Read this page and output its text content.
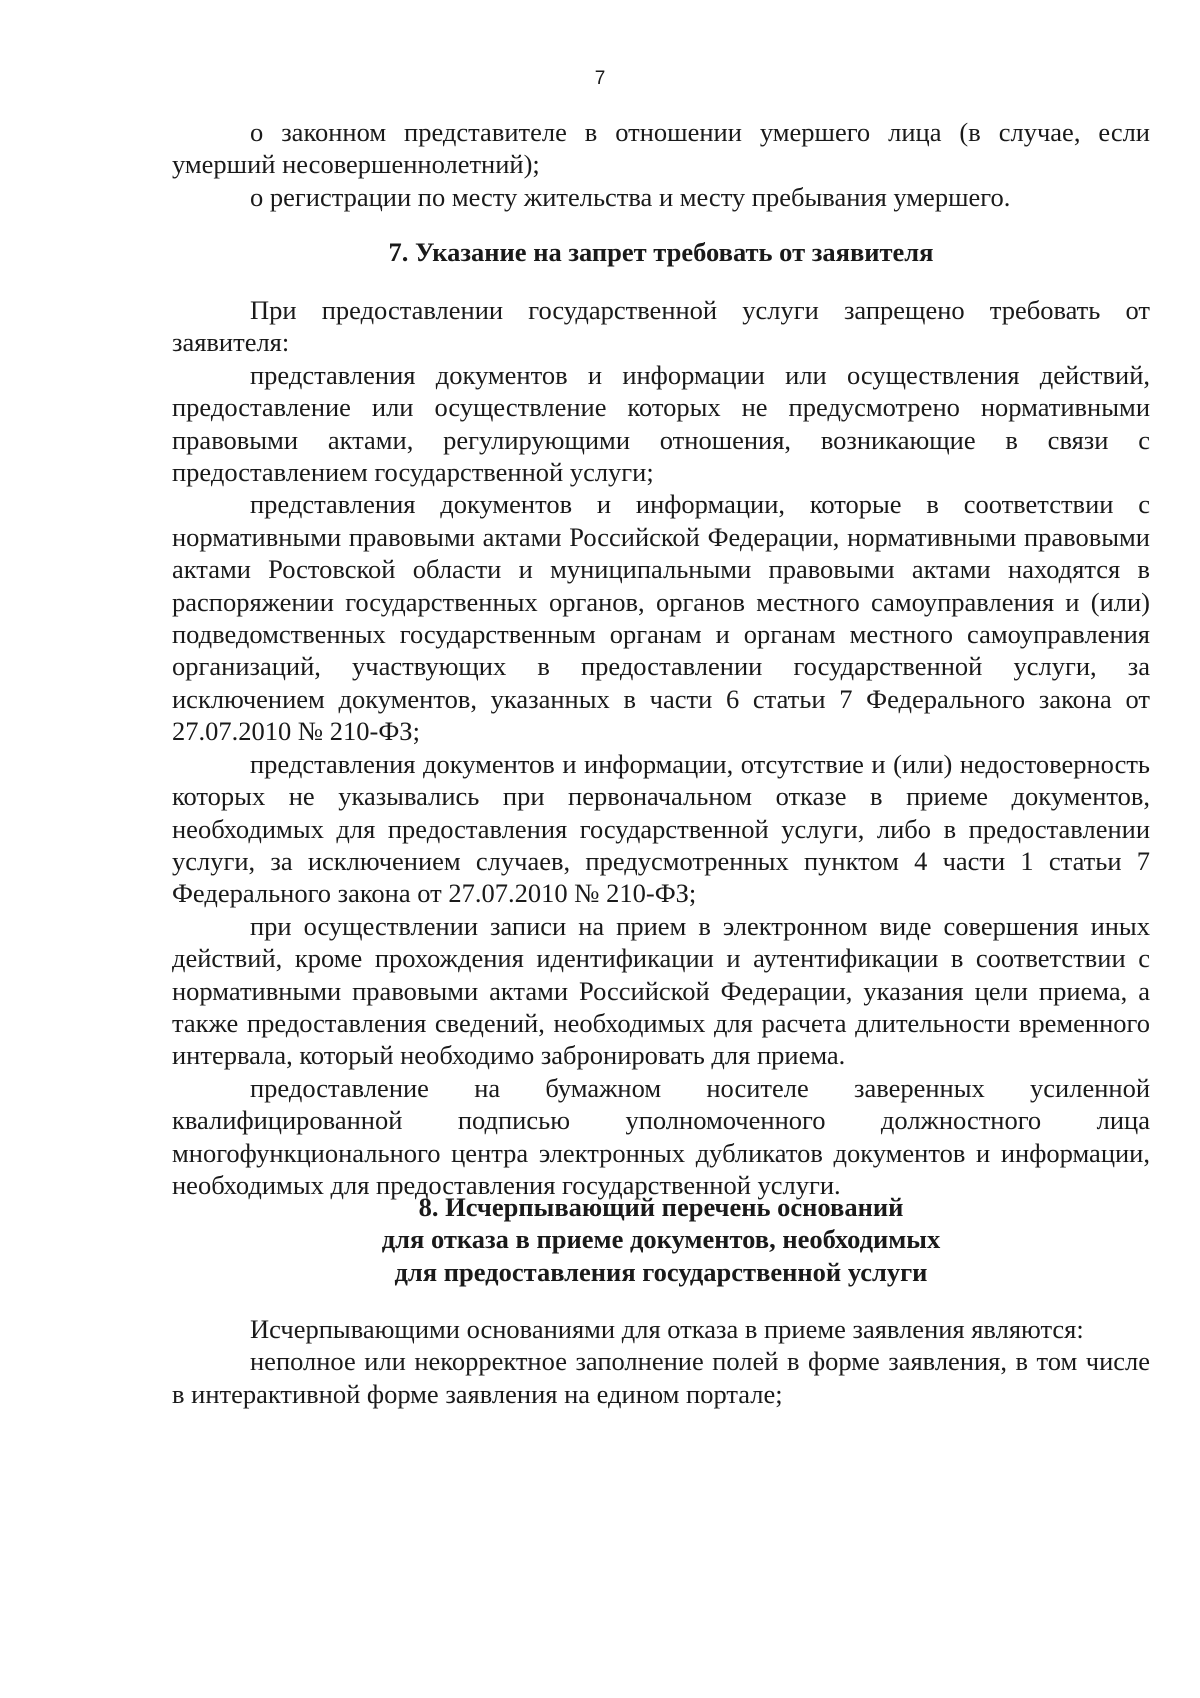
7

о законном представителе в отношении умершего лица (в случае, если умерший несовершеннолетний);

о регистрации по месту жительства и месту пребывания умершего.

7. Указание на запрет требовать от заявителя

При предоставлении государственной услуги запрещено требовать от заявителя:

представления документов и информации или осуществления действий, предоставление или осуществление которых не предусмотрено нормативными правовыми актами, регулирующими отношения, возникающие в связи с предоставлением государственной услуги;

представления документов и информации, которые в соответствии с нормативными правовыми актами Российской Федерации, нормативными правовыми актами Ростовской области и муниципальными правовыми актами находятся в распоряжении государственных органов, органов местного самоуправления и (или) подведомственных государственным органам и органам местного самоуправления организаций, участвующих в предоставлении государственной услуги, за исключением документов, указанных в части 6 статьи 7 Федерального закона от 27.07.2010 № 210-ФЗ;

представления документов и информации, отсутствие и (или) недостоверность которых не указывались при первоначальном отказе в приеме документов, необходимых для предоставления государственной услуги, либо в предоставлении услуги, за исключением случаев, предусмотренных пунктом 4 части 1 статьи 7 Федерального закона от 27.07.2010 № 210-ФЗ;

при осуществлении записи на прием в электронном виде совершения иных действий, кроме прохождения идентификации и аутентификации в соответствии с нормативными правовыми актами Российской Федерации, указания цели приема, а также предоставления сведений, необходимых для расчета длительности временного интервала, который необходимо забронировать для приема.

предоставление на бумажном носителе заверенных усиленной квалифицированной подписью уполномоченного должностного лица многофункционального центра электронных дубликатов документов и информации, необходимых для предоставления государственной услуги.

8. Исчерпывающий перечень оснований
для отказа в приеме документов, необходимых
для предоставления государственной услуги

Исчерпывающими основаниями для отказа в приеме заявления являются:

неполное или некорректное заполнение полей в форме заявления, в том числе в интерактивной форме заявления на едином портале;
